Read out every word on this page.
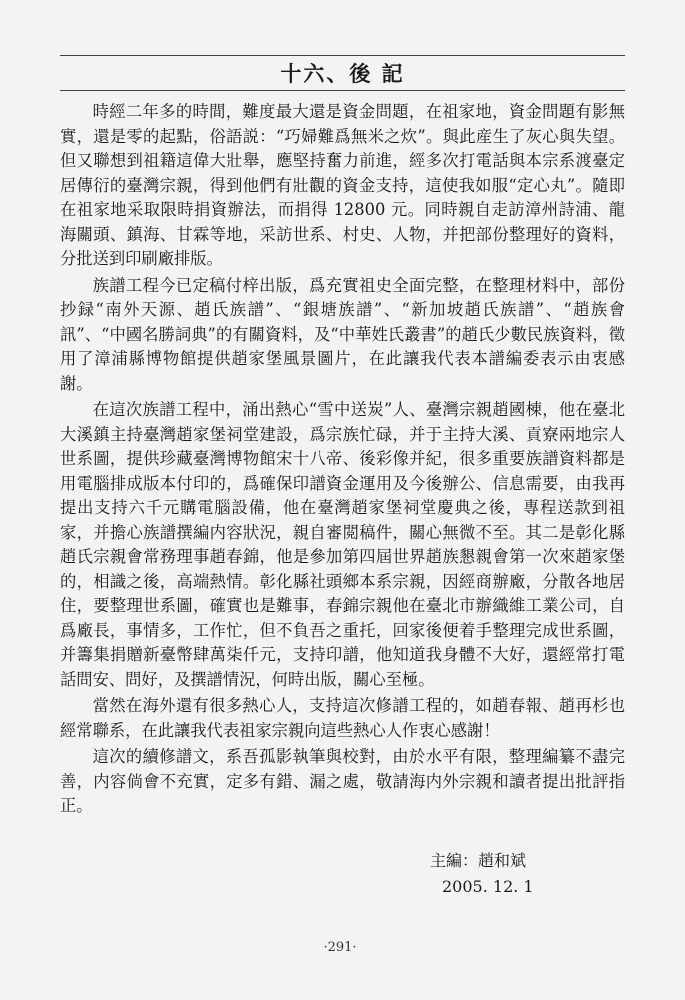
十六、後 記

時經二年多的時間，難度最大還是資金問題，在祖家地，資金問題有影無實，還是零的起點，俗語説：“巧婦難爲無米之炊”。與此産生了灰心與失望。但又聯想到祖籍這偉大壯舉，應堅持奮力前進，經多次打電話與本宗系渡臺定居傳衍的臺灣宗親，得到他們有壯觀的資金支持，這使我如服“定心丸”。隨即在祖家地采取限時捐資辦法，而捐得 12800 元。同時親自走訪漳州詩浦、龍海關頭、鎮海、甘霖等地，采訪世系、村史、人物，并把部份整理好的資料，分批送到印刷廠排版。

族譜工程今已定稿付梓出版，爲充實祖史全面完整，在整理材料中，部份抄録“南外天源、趙氏族譜”、“銀塘族譜”、“新加坡趙氏族譜”、“趙族會訊”、“中國名勝詞典”的有關資料，及“中華姓氏叢書”的趙氏少數民族資料，徵用了漳浦縣博物館提供趙家堡風景圖片，在此讓我代表本譜編委表示由衷感謝。

在這次族譜工程中，涌出熱心“雪中送炭”人、臺灣宗親趙國棟，他在臺北大溪鎮主持臺灣趙家堡祠堂建設，爲宗族忙碌，并于主持大溪、貢寮兩地宗人世系圖，提供珍藏臺灣博物館宋十八帝、後彩像并紀，很多重要族譜資料都是用電腦排成版本付印的，爲確保印譜資金運用及今後辦公、信息需要，由我再提出支持六千元購電腦設備，他在臺灣趙家堡祠堂慶典之後，專程送款到祖家，并擔心族譜撰編内容狀況，親自審閲稿件，關心無微不至。其二是彰化縣趙氏宗親會常務理事趙春錦，他是參加第四屆世界趙族懇親會第一次來趙家堡的，相識之後，高端熱情。彰化縣社頭鄉本系宗親，因經商辦廠，分散各地居住，要整理世系圖，確實也是難事，春錦宗親他在臺北市辦織維工業公司，自爲廠長，事情多，工作忙，但不負吾之重托，回家後便着手整理完成世系圖，并籌集捐贈新臺幣肆萬柒仟元，支持印譜，他知道我身體不大好，還經常打電話問安、問好，及撰譜情況，何時出版，關心至極。

當然在海外還有很多熱心人，支持這次修譜工程的，如趙春報、趙再杉也經常聯系，在此讓我代表祖家宗親向這些熱心人作衷心感謝！

這次的續修譜文，系吾孤影執筆與校對，由於水平有限，整理編纂不盡完善，内容倘會不充實，定多有錯、漏之處，敬請海内外宗親和讀者提出批評指正。

主編：趙和斌
2005. 12. 1
·291·
